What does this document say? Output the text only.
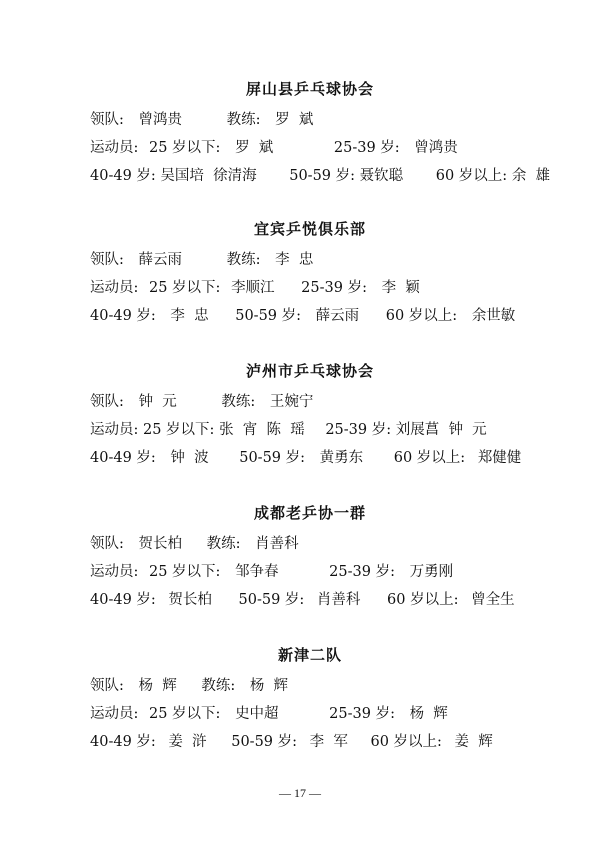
屏山县乒乓球协会
领队: 曾鸿贵	教练: 罗  斌
运动员: 25 岁以下: 罗  斌	25-39 岁: 曾鸿贵
40-49 岁: 吴国培  徐清海 50-59 岁: 聂钦聪 60 岁以上: 余  雄
宜宾乒悦俱乐部
领队: 薛云雨	教练: 李  忠
运动员: 25 岁以下: 李顺江 25-39 岁: 李  颖
40-49 岁: 李  忠 50-59 岁: 薛云雨 60 岁以上: 余世敏
泸州市乒乓球协会
领队: 钟  元	教练: 王婉宁
运动员: 25 岁以下: 张  宵  陈  瑶 25-39 岁: 刘展菖  钟  元
40-49 岁: 钟  波 50-59 岁: 黄勇东 60 岁以上: 郑健健
成都老乒协一群
领队: 贺长柏 教练: 肖善科
运动员: 25 岁以下: 邹争春	25-39 岁: 万勇刚
40-49 岁: 贺长柏 50-59 岁: 肖善科 60 岁以上: 曾全生
新津二队
领队: 杨  辉 教练: 杨  辉
运动员: 25 岁以下: 史中超	25-39 岁: 杨  辉
40-49 岁: 姜  浒 50-59 岁: 李  军 60 岁以上: 姜  辉
— 17 —
